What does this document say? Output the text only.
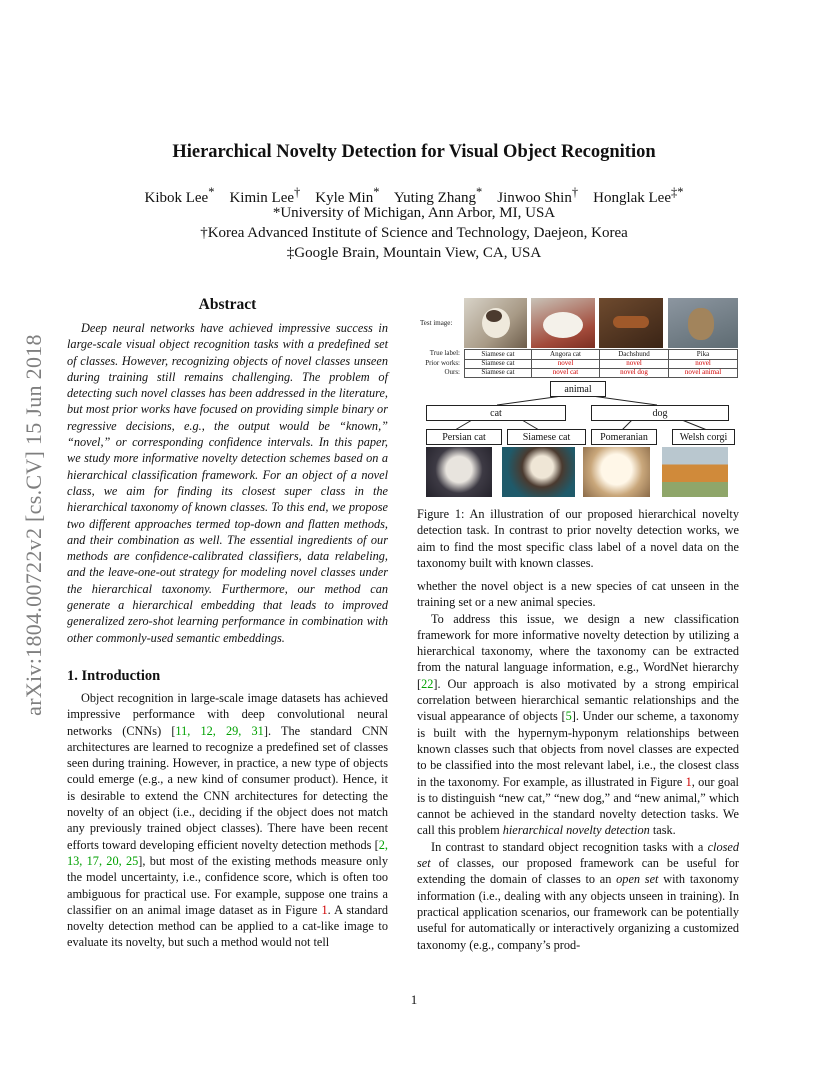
arXiv:1804.00722v2 [cs.CV] 15 Jun 2018
Hierarchical Novelty Detection for Visual Object Recognition
Kibok Lee*    Kimin Lee†    Kyle Min*    Yuting Zhang*    Jinwoo Shin†    Honglak Lee‡*
*University of Michigan, Ann Arbor, MI, USA
†Korea Advanced Institute of Science and Technology, Daejeon, Korea
‡Google Brain, Mountain View, CA, USA
Abstract
Deep neural networks have achieved impressive success in large-scale visual object recognition tasks with a predefined set of classes. However, recognizing objects of novel classes unseen during training still remains challenging. The problem of detecting such novel classes has been addressed in the literature, but most prior works have focused on providing simple binary or regressive decisions, e.g., the output would be “known,” “novel,” or corresponding confidence intervals. In this paper, we study more informative novelty detection schemes based on a hierarchical classification framework. For an object of a novel class, we aim for finding its closest super class in the hierarchical taxonomy of known classes. To this end, we propose two different approaches termed top-down and flatten methods, and their combination as well. The essential ingredients of our methods are confidence-calibrated classifiers, data relabeling, and the leave-one-out strategy for modeling novel classes under the hierarchical taxonomy. Furthermore, our method can generate a hierarchical embedding that leads to improved generalized zero-shot learning performance in combination with other commonly-used semantic embeddings.
1. Introduction
Object recognition in large-scale image datasets has achieved impressive performance with deep convolutional neural networks (CNNs) [11, 12, 29, 31]. The standard CNN architectures are learned to recognize a predefined set of classes seen during training. However, in practice, a new type of objects could emerge (e.g., a new kind of consumer product). Hence, it is desirable to extend the CNN architectures for detecting the novelty of an object (i.e., deciding if the object does not match any previously trained object classes). There have been recent efforts toward developing efficient novelty detection methods [2, 13, 17, 20, 25], but most of the existing methods measure only the model uncertainty, i.e., confidence score, which is often too ambiguous for practical use. For example, suppose one trains a classifier on an animal image dataset as in Figure 1. A standard novelty detection method can be applied to a cat-like image to evaluate its novelty, but such a method would not tell
Test image:
True label:
Prior works:
Ours:
Siamese cat	Angora cat	Dachshund	Pika
Siamese cat	novel	novel	novel
Siamese cat	novel cat	novel dog	novel animal
animal
cat	dog
Persian cat	Siamese cat	Pomeranian	Welsh corgi
Figure 1: An illustration of our proposed hierarchical novelty detection task. In contrast to prior novelty detection works, we aim to find the most specific class label of a novel data on the taxonomy built with known classes.
whether the novel object is a new species of cat unseen in the training set or a new animal species.
To address this issue, we design a new classification framework for more informative novelty detection by utilizing a hierarchical taxonomy, where the taxonomy can be extracted from the natural language information, e.g., WordNet hierarchy [22]. Our approach is also motivated by a strong empirical correlation between hierarchical semantic relationships and the visual appearance of objects [5]. Under our scheme, a taxonomy is built with the hypernym-hyponym relationships between known classes such that objects from novel classes are expected to be classified into the most relevant label, i.e., the closest class in the taxonomy. For example, as illustrated in Figure 1, our goal is to distinguish “new cat,” “new dog,” and “new animal,” which cannot be achieved in the standard novelty detection tasks. We call this problem hierarchical novelty detection task.
In contrast to standard object recognition tasks with a closed set of classes, our proposed framework can be useful for extending the domain of classes to an open set with taxonomy information (i.e., dealing with any objects unseen in training). In practical application scenarios, our framework can be potentially useful for automatically or interactively organizing a customized taxonomy (e.g., company’s prod-
1
